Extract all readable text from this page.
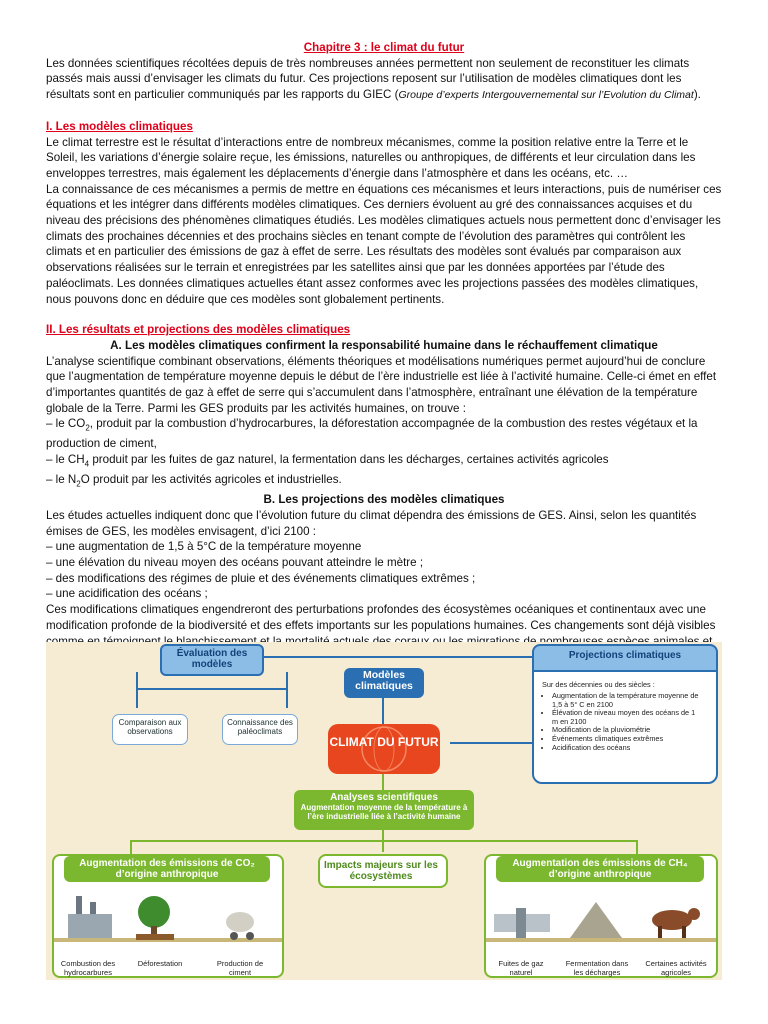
Chapitre 3 : le climat du futur

Les données scientifiques récoltées depuis de très nombreuses années permettent non seulement de reconstituer les climats passés mais aussi d’envisager les climats du futur. Ces projections reposent sur l’utilisation de modèles climatiques dont les résultats sont en particulier communiqués par les rapports du GIEC (Groupe d’experts Intergouvernemental sur l’Evolution du Climat).

I. Les modèles climatiques

Le climat terrestre est le résultat d’interactions entre de nombreux mécanismes, comme la position relative entre la Terre et le Soleil, les variations d’énergie solaire reçue, les émissions, naturelles ou anthropiques, de différents et leur circulation dans les enveloppes terrestres, mais également les déplacements d’énergie dans l’atmosphère et dans les océans, etc. …

La connaissance de ces mécanismes a permis de mettre en équations ces mécanismes et leurs interactions, puis de numériser ces équations et les intégrer dans différents modèles climatiques. Ces derniers évoluent au gré des connaissances acquises et du niveau des précisions des phénomènes climatiques étudiés. Les modèles climatiques actuels nous permettent donc d’envisager les climats des prochaines décennies et des prochains siècles en tenant compte de l’évolution des paramètres qui contrôlent les climats et en particulier des émissions de gaz à effet de serre. Les résultats des modèles sont évalués par comparaison aux observations réalisées sur le terrain et enregistrées par les satellites ainsi que par les données apportées par l’étude des paléoclimats. Les données climatiques actuelles étant assez conformes avec les projections passées des modèles climatiques, nous pouvons donc en déduire que ces modèles sont globalement pertinents.

II. Les résultats et projections des modèles climatiques

A. Les modèles climatiques confirment la responsabilité humaine dans le réchauffement climatique

L’analyse scientifique combinant observations, éléments théoriques et modélisations numériques permet aujourd’hui de conclure que l’augmentation de température moyenne depuis le début de l’ère industrielle est liée à l’activité humaine. Celle-ci émet en effet d’importantes quantités de gaz à effet de serre qui s’accumulent dans l’atmosphère, entraînant une élévation de la température globale de la Terre. Parmi les GES produits par les activités humaines, on trouve :

– le $CO_2$, produit par la combustion d’hydrocarbures, la déforestation accompagnée de la combustion des restes végétaux et la production de ciment,

– le $CH_4$ produit par les fuites de gaz naturel, la fermentation dans les décharges, certaines activités agricoles

– le $N_2O$ produit par les activités agricoles et industrielles.

B. Les projections des modèles climatiques

Les études actuelles indiquent donc que l’évolution future du climat dépendra des émissions de GES. Ainsi, selon les quantités émises de GES, les modèles envisagent, d’ici 2100 :

– une augmentation de 1,5 à 5°C de la température moyenne

– une élévation du niveau moyen des océans pouvant atteindre le mètre ;

– des modifications des régimes de pluie et des événements climatiques extrêmes ;

– une acidification des océans ;

Ces modifications climatiques engendreront des perturbations profondes des écosystèmes océaniques et continentaux avec une modification profonde de la biodiversité et des effets importants sur les populations humaines. Ces changements sont déjà visibles

Évaluation des modèles
Comparaison aux observations
Connaissance des paléoclimats
Modèles climatiques
CLIMAT DU FUTUR
Analyses scientifiques
Augmentation moyenne de la température à l’ère industrielle liée à l’activité humaine
Projections climatiques
Sur des décennies ou des siècles :
• Augmentation de la température moyenne de 1,5 à 5° C en 2100
• Élévation de niveau moyen des océans de 1 m en 2100
• Modification de la pluviométrie
• Événements climatiques extrêmes
• Acidification des océans
Augmentation des émissions de CO₂ d’origine anthropique
Combustion des hydrocarbures
Déforestation	Production de ciment
Impacts majeurs sur les écosystèmes
Augmentation des émissions de CH₄ d’origine anthropique
Fuites de gaz naturel
Fermentation dans les décharges
Certaines activités agricoles
